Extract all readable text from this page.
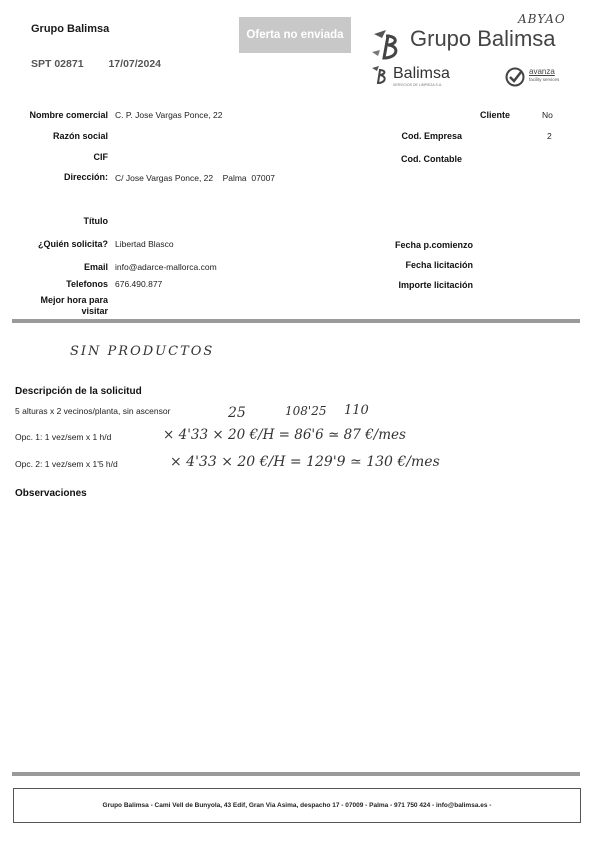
Grupo Balimsa
SPT 02871 17/07/2024
Oferta no enviada	Grupo Balimsa
ABYAO
Balimsa
SERVICIOS DE LIMPIEZA S.A.
avanza
facility services
Nombre comercial C. P. Jose Vargas Ponce, 22
Razón social
CIF
Dirección: C/ Jose Vargas Ponce, 22    Palma  07007
Título
¿Quién solicita? Libertad Blasco
Email info@adarce-mallorca.com
Telefonos 676.490.877
Mejor hora para
visitar
Cliente	No
Cod. Empresa	2
Cod. Contable
Fecha p.comienzo
Fecha licitación
Importe licitación
SIN PRODUCTOS
Descripción de la solicitud
5 alturas x 2 vecinos/planta, sin ascensor	25	108'25 110
Opc. 1: 1 vez/sem x 1 h/d	× 4'33 × 20 €/H = 86'6 ≃ 87 €/mes
Opc. 2: 1 vez/sem x 1'5 h/d	× 4'33 × 20 €/H = 129'9 ≃ 130 €/mes
Observaciones
Grupo Balimsa - Cami Vell de Bunyola, 43 Edif, Gran Via Asima, despacho 17 - 07009 - Palma - 971 750 424 - info@balimsa.es -
